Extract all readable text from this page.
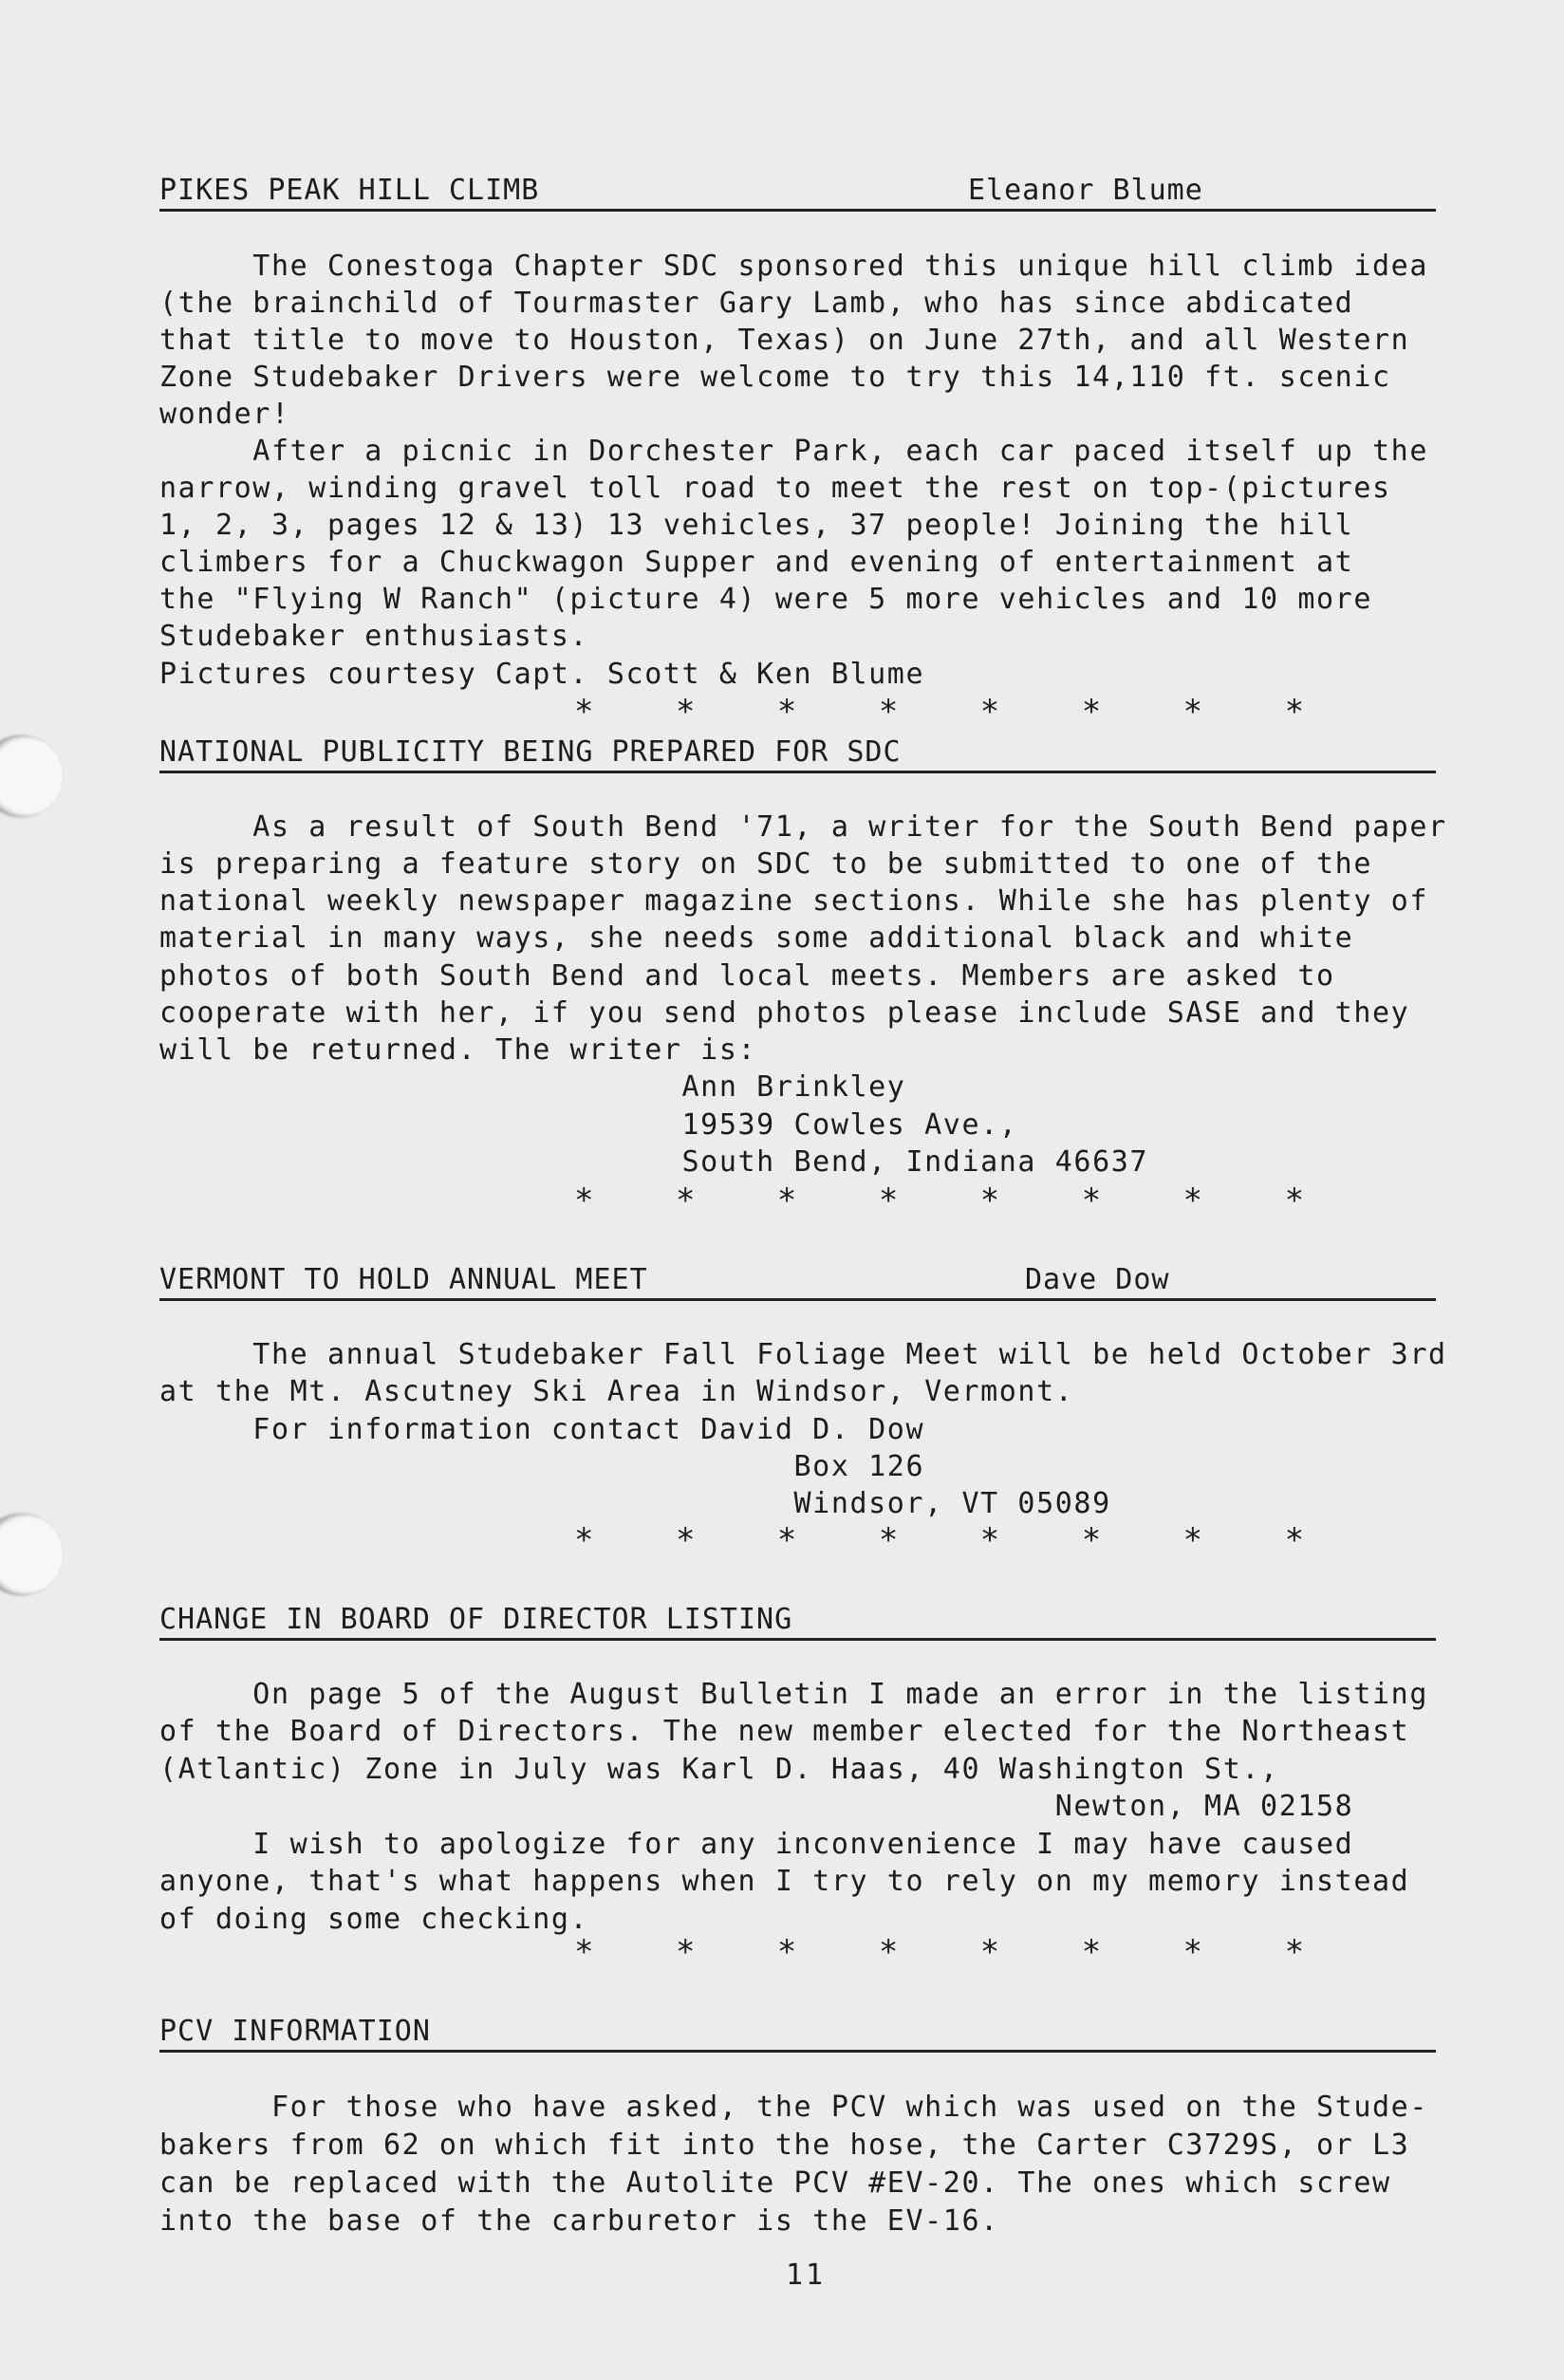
PIKES PEAK HILL CLIMB	Eleanor Blume
The Conestoga Chapter SDC sponsored this unique hill climb idea
(the brainchild of Tourmaster Gary Lamb, who has since abdicated
that title to move to Houston, Texas) on June 27th, and all Western
Zone Studebaker Drivers were welcome to try this 14,110 ft. scenic
wonder!
After a picnic in Dorchester Park, each car paced itself up the
narrow, winding gravel toll road to meet the rest on top-(pictures
1, 2, 3, pages 12 & 13) 13 vehicles, 37 people! Joining the hill
climbers for a Chuckwagon Supper and evening of entertainment at
the "Flying W Ranch" (picture 4) were 5 more vehicles and 10 more
Studebaker enthusiasts.
Pictures courtesy Capt. Scott & Ken Blume
* * * * * * * *
NATIONAL PUBLICITY BEING PREPARED FOR SDC
As a result of South Bend '71, a writer for the South Bend paper
is preparing a feature story on SDC to be submitted to one of the
national weekly newspaper magazine sections. While she has plenty of
material in many ways, she needs some additional black and white
photos of both South Bend and local meets. Members are asked to
cooperate with her, if you send photos please include SASE and they
will be returned. The writer is:
Ann Brinkley
19539 Cowles Ave.,
South Bend, Indiana 46637
* * * * * * * *
VERMONT TO HOLD ANNUAL MEET	Dave Dow
The annual Studebaker Fall Foliage Meet will be held October 3rd
at the Mt. Ascutney Ski Area in Windsor, Vermont.
For information contact David D. Dow
Box 126
Windsor, VT 05089
* * * * * * * *
CHANGE IN BOARD OF DIRECTOR LISTING
On page 5 of the August Bulletin I made an error in the listing
of the Board of Directors. The new member elected for the Northeast
(Atlantic) Zone in July was Karl D. Haas, 40 Washington St.,
Newton, MA 02158
I wish to apologize for any inconvenience I may have caused
anyone, that's what happens when I try to rely on my memory instead
of doing some checking.
* * * * * * * *
PCV INFORMATION
For those who have asked, the PCV which was used on the Stude-
bakers from 62 on which fit into the hose, the Carter C3729S, or L3
can be replaced with the Autolite PCV #EV-20. The ones which screw
into the base of the carburetor is the EV-16.
11
